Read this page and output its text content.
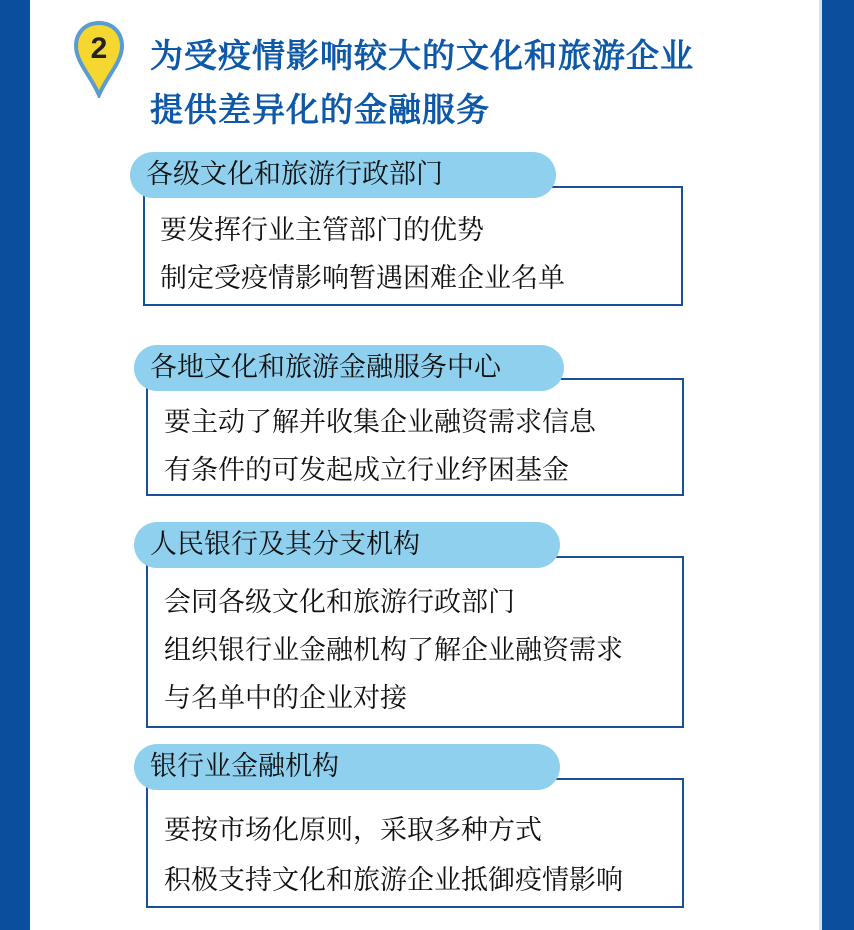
2 为受疫情影响较大的文化和旅游企业
提供差异化的金融服务
各级文化和旅游行政部门
要发挥行业主管部门的优势
制定受疫情影响暂遇困难企业名单
各地文化和旅游金融服务中心
要主动了解并收集企业融资需求信息
有条件的可发起成立行业纾困基金
人民银行及其分支机构
会同各级文化和旅游行政部门
组织银行业金融机构了解企业融资需求
与名单中的企业对接
银行业金融机构
要按市场化原则，采取多种方式
积极支持文化和旅游企业抵御疫情影响
